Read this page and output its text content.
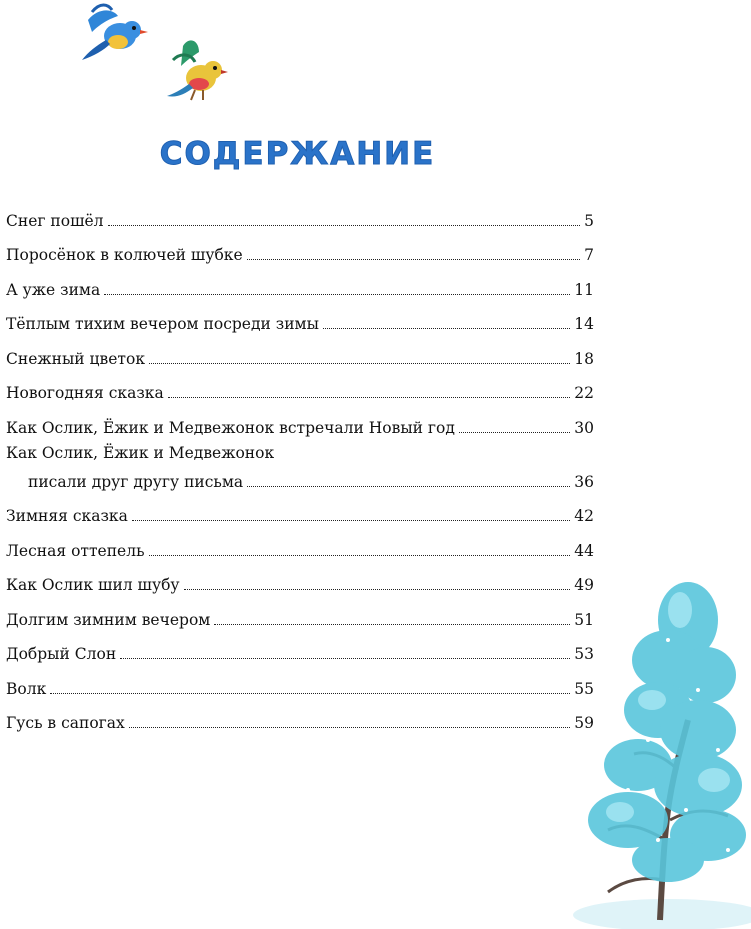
СОДЕРЖАНИЕ
Снег пошёл	5
Поросёнок в колючей шубке	7
А уже зима	11
Тёплым тихим вечером посреди зимы	14
Снежный цветок	18
Новогодняя сказка	22
Как Ослик, Ёжик и Медвежонок встречали Новый год	30
Как Ослик, Ёжик и Медвежонок
писали друг другу письма	36
Зимняя сказка	42
Лесная оттепель	44
Как Ослик шил шубу	49
Долгим зимним вечером	51
Добрый Слон	53
Волк	55
Гусь в сапогах	59
